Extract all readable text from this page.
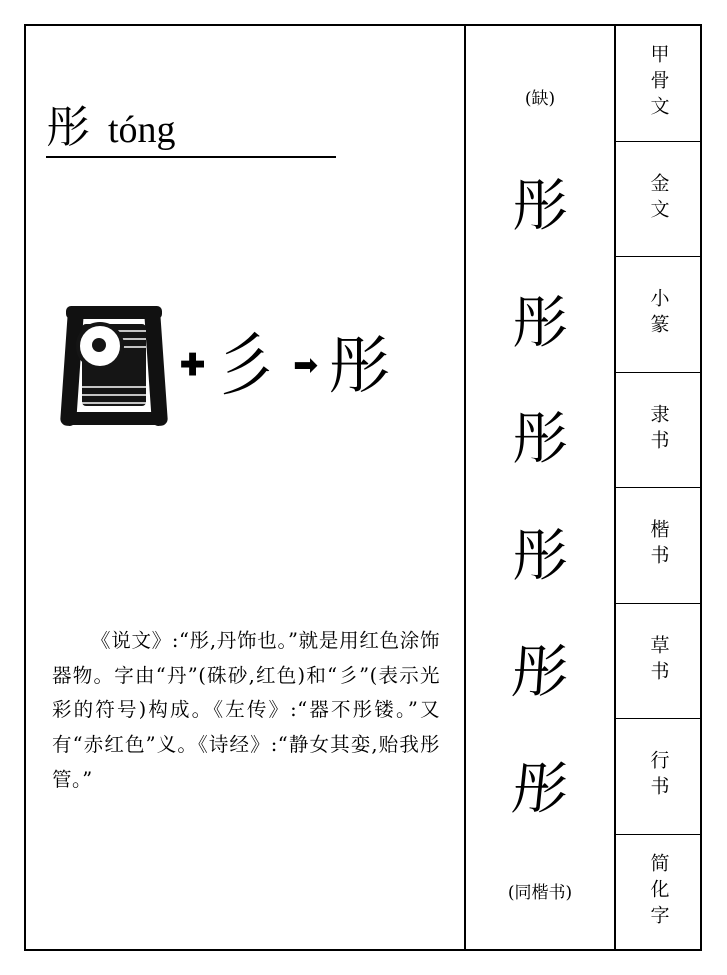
彤 tóng
✚ 彡 ➡ 彤
《说文》:“彤,丹饰也。”就是用红色涂饰器物。字由“丹”(硃砂,红色)和“彡”(表示光彩的符号)构成。《左传》:“器不彤镂。”又有“赤红色”义。《诗经》:“静女其娈,贻我彤管。”
(缺)
彤
彤
彤
彤
彤
彤
(同楷书)
甲骨文
金文
小篆
隶书
楷书
草书
行书
简化字
